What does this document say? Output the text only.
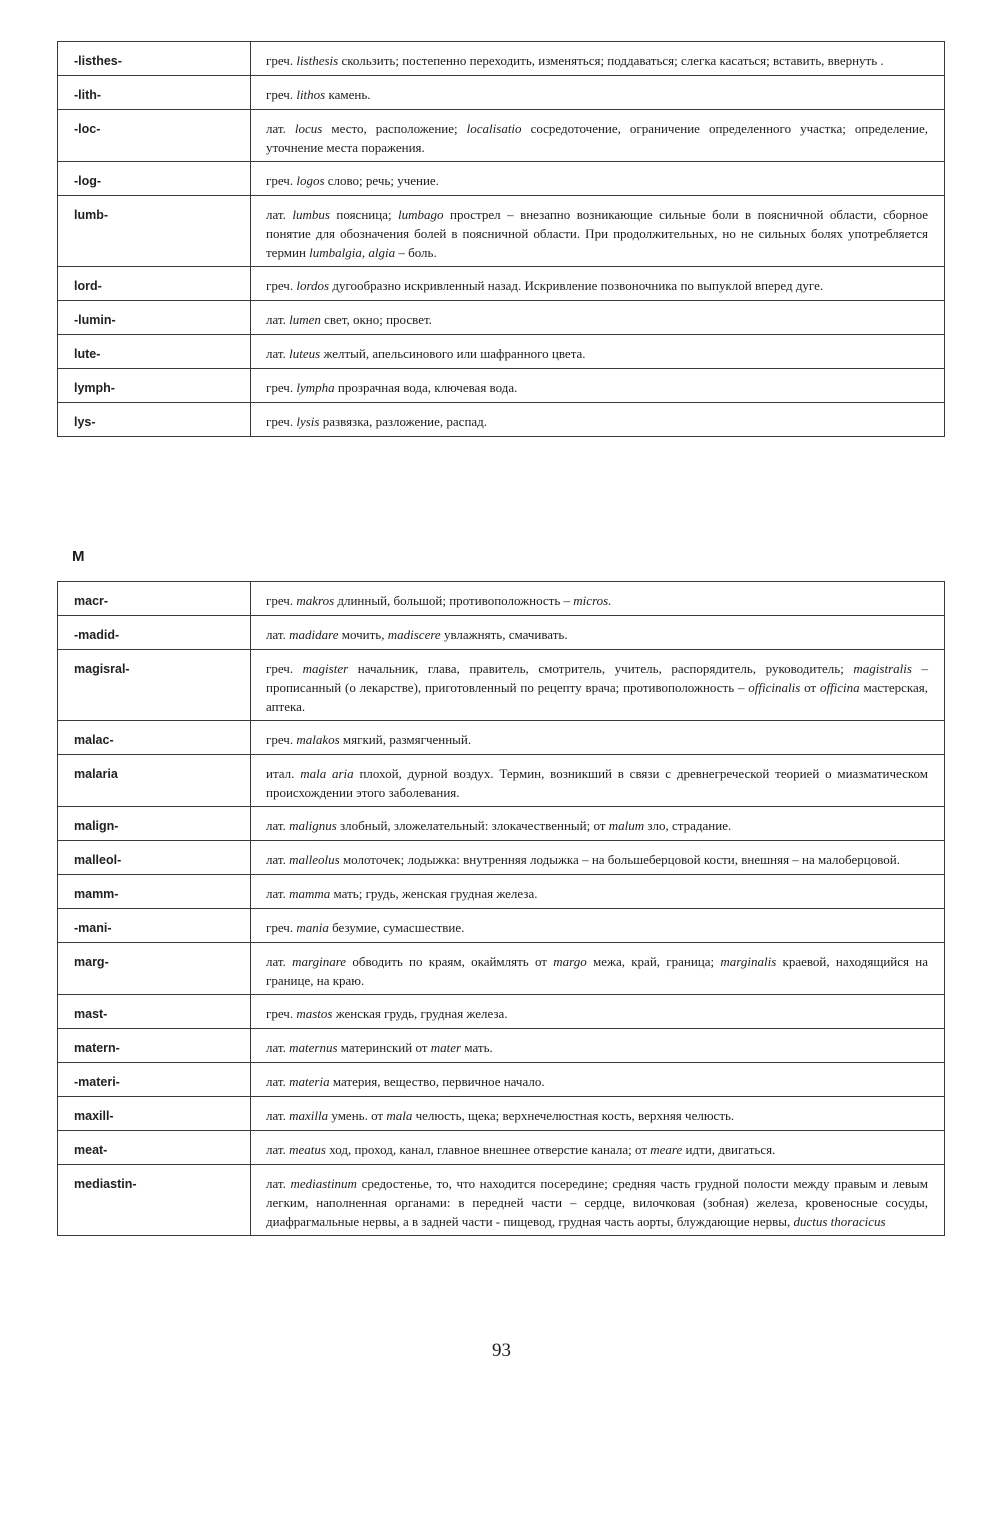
-listhes-	греч. listhesis скользить; постепенно переходить, изменяться; поддаваться; слегка касаться; вставить, ввернуть .
-lith-	греч. lithos камень.
-loc-	лат. locus место, расположение; localisatio сосредоточение, ограничение определенного участка; определение, уточнение места поражения.
-log-	греч. logos слово; речь; учение.
lumb-	лат. lumbus поясница; lumbago прострел – внезапно возникающие сильные боли в поясничной области, сборное понятие для обозначения болей в поясничной области. При продолжительных, но не сильных болях употребляется термин lumbalgia, algia – боль.
lord-	греч. lordos дугообразно искривленный назад. Искривление позвоночника по выпуклой вперед дуге.
-lumin-	лат. lumen свет, окно; просвет.
lute-	лат. luteus желтый, апельсинового или шафранного цвета.
lymph-	греч. lympha прозрачная вода, ключевая вода.
lys-	греч. lysis развязка, разложение, распад.
M
macr-	греч. makros длинный, большой; противоположность – micros.
-madid-	лат. madidare мочить, madiscere увлажнять, смачивать.
magisral-	греч. magister начальник, глава, правитель, смотритель, учитель, распорядитель, руководитель; magistralis – прописанный (о лекарстве), приготовленный по рецепту врача; противоположность – officinalis от officina мастерская, аптека.
malac-	греч. malakos мягкий, размягченный.
malaria	итал. mala aria плохой, дурной воздух. Термин, возникший в связи с древнегреческой теорией о миазматическом происхождении этого заболевания.
malign-	лат. malignus злобный, зложелательный: злокачественный; от malum зло, страдание.
malleol-	лат. malleolus молоточек; лодыжка: внутренняя лодыжка – на большеберцовой кости, внешняя – на малоберцовой.
mamm-	лат. mamma мать; грудь, женская грудная железа.
-mani-	греч. mania безумие, сумасшествие.
marg-	лат. marginare обводить по краям, окаймлять от margo межа, край, граница; marginalis краевой, находящийся на границе, на краю.
mast-	греч. mastos женская грудь, грудная железа.
matern-	лат. maternus материнский от mater мать.
-materi-	лат. materia материя, вещество, первичное начало.
maxill-	лат. maxilla умень. от mala челюсть, щека; верхнечелюстная кость, верхняя челюсть.
meat-	лат. meatus ход, проход, канал, главное внешнее отверстие канала; от meare идти, двигаться.
mediastin-	лат. mediastinum средостенье, то, что находится посередине; средняя часть грудной полости между правым и левым легким, наполненная органами: в передней части – сердце, вилочковая (зобная) железа, кровеносные сосуды, диафрагмальные нервы, а в задней части - пищевод, грудная часть аорты, блуждающие нервы, ductus thoracicus
93
